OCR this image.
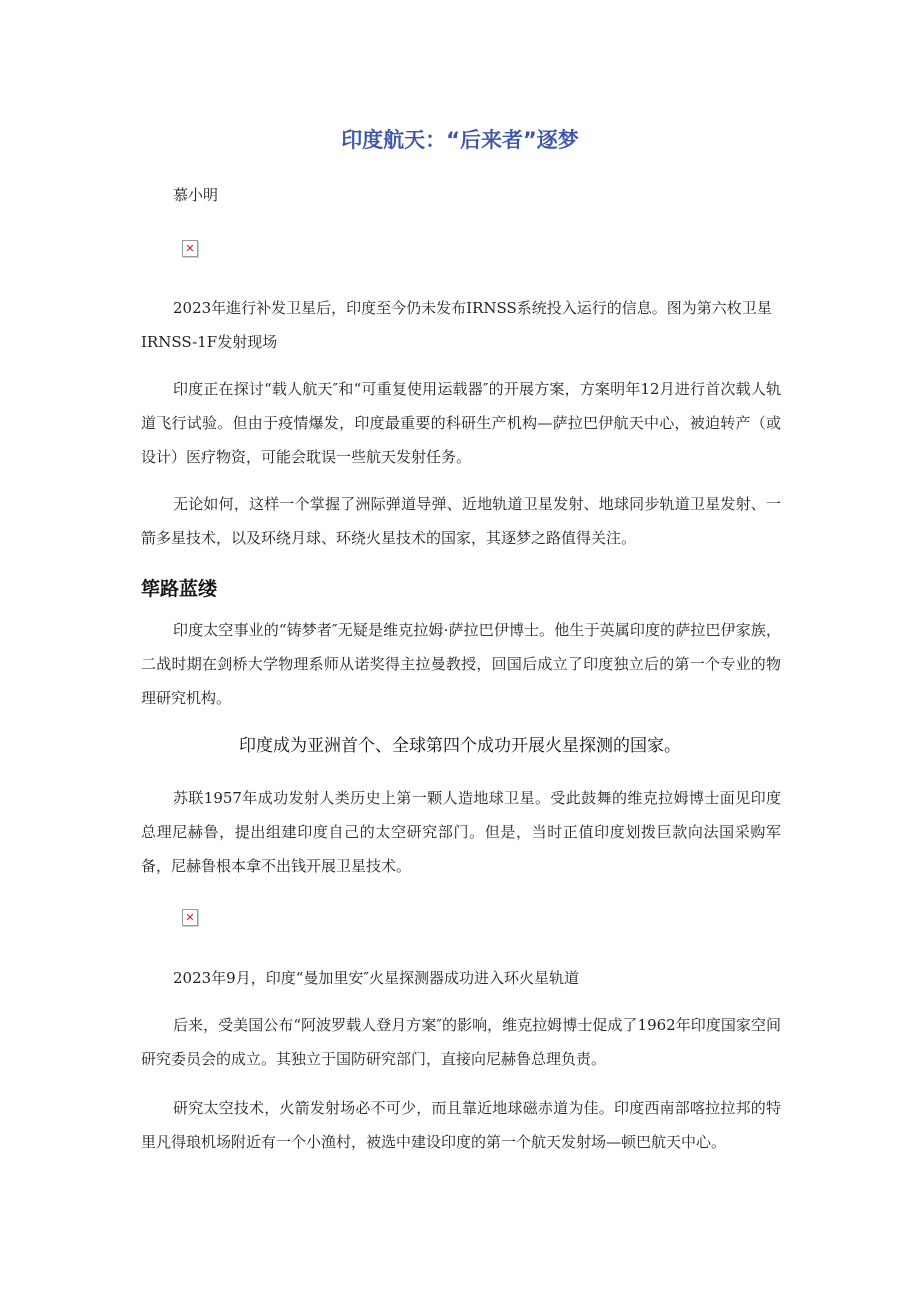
印度航天：“后来者”逐梦

慕小明

✕

2023年進行补发卫星后，印度至今仍未发布IRNSS系统投入运行的信息。图为第六枚卫星IRNSS-1F发射现场

印度正在探讨“载人航天″和“可重复使用运载器″的开展方案，方案明年12月进行首次载人轨道飞行试验。但由于疫情爆发，印度最重要的科研生产机构—萨拉巴伊航天中心，被迫转产（或设计）医疗物资，可能会耽误一些航天发射任务。

无论如何，这样一个掌握了洲际弹道导弹、近地轨道卫星发射、地球同步轨道卫星发射、一箭多星技术，以及环绕月球、环绕火星技术的国家，其逐梦之路值得关注。

筚路蓝缕

印度太空事业的“铸梦者″无疑是维克拉姆·萨拉巴伊博士。他生于英属印度的萨拉巴伊家族，二战时期在剑桥大学物理系师从诺奖得主拉曼教授，回国后成立了印度独立后的第一个专业的物理研究机构。

印度成为亚洲首个、全球第四个成功开展火星探测的国家。

苏联1957年成功发射人类历史上第一颗人造地球卫星。受此鼓舞的维克拉姆博士面见印度总理尼赫鲁，提出组建印度自己的太空研究部门。但是，当时正值印度划拨巨款向法国采购军备，尼赫鲁根本拿不出钱开展卫星技术。

✕

2023年9月，印度“曼加里安″火星探测器成功进入环火星轨道

后来，受美国公布“阿波罗载人登月方案″的影响，维克拉姆博士促成了1962年印度国家空间研究委员会的成立。其独立于国防研究部门，直接向尼赫鲁总理负责。

研究太空技术，火箭发射场必不可少，而且靠近地球磁赤道为佳。印度西南部喀拉拉邦的特里凡得琅机场附近有一个小渔村，被选中建设印度的第一个航天发射场—顿巴航天中心。
